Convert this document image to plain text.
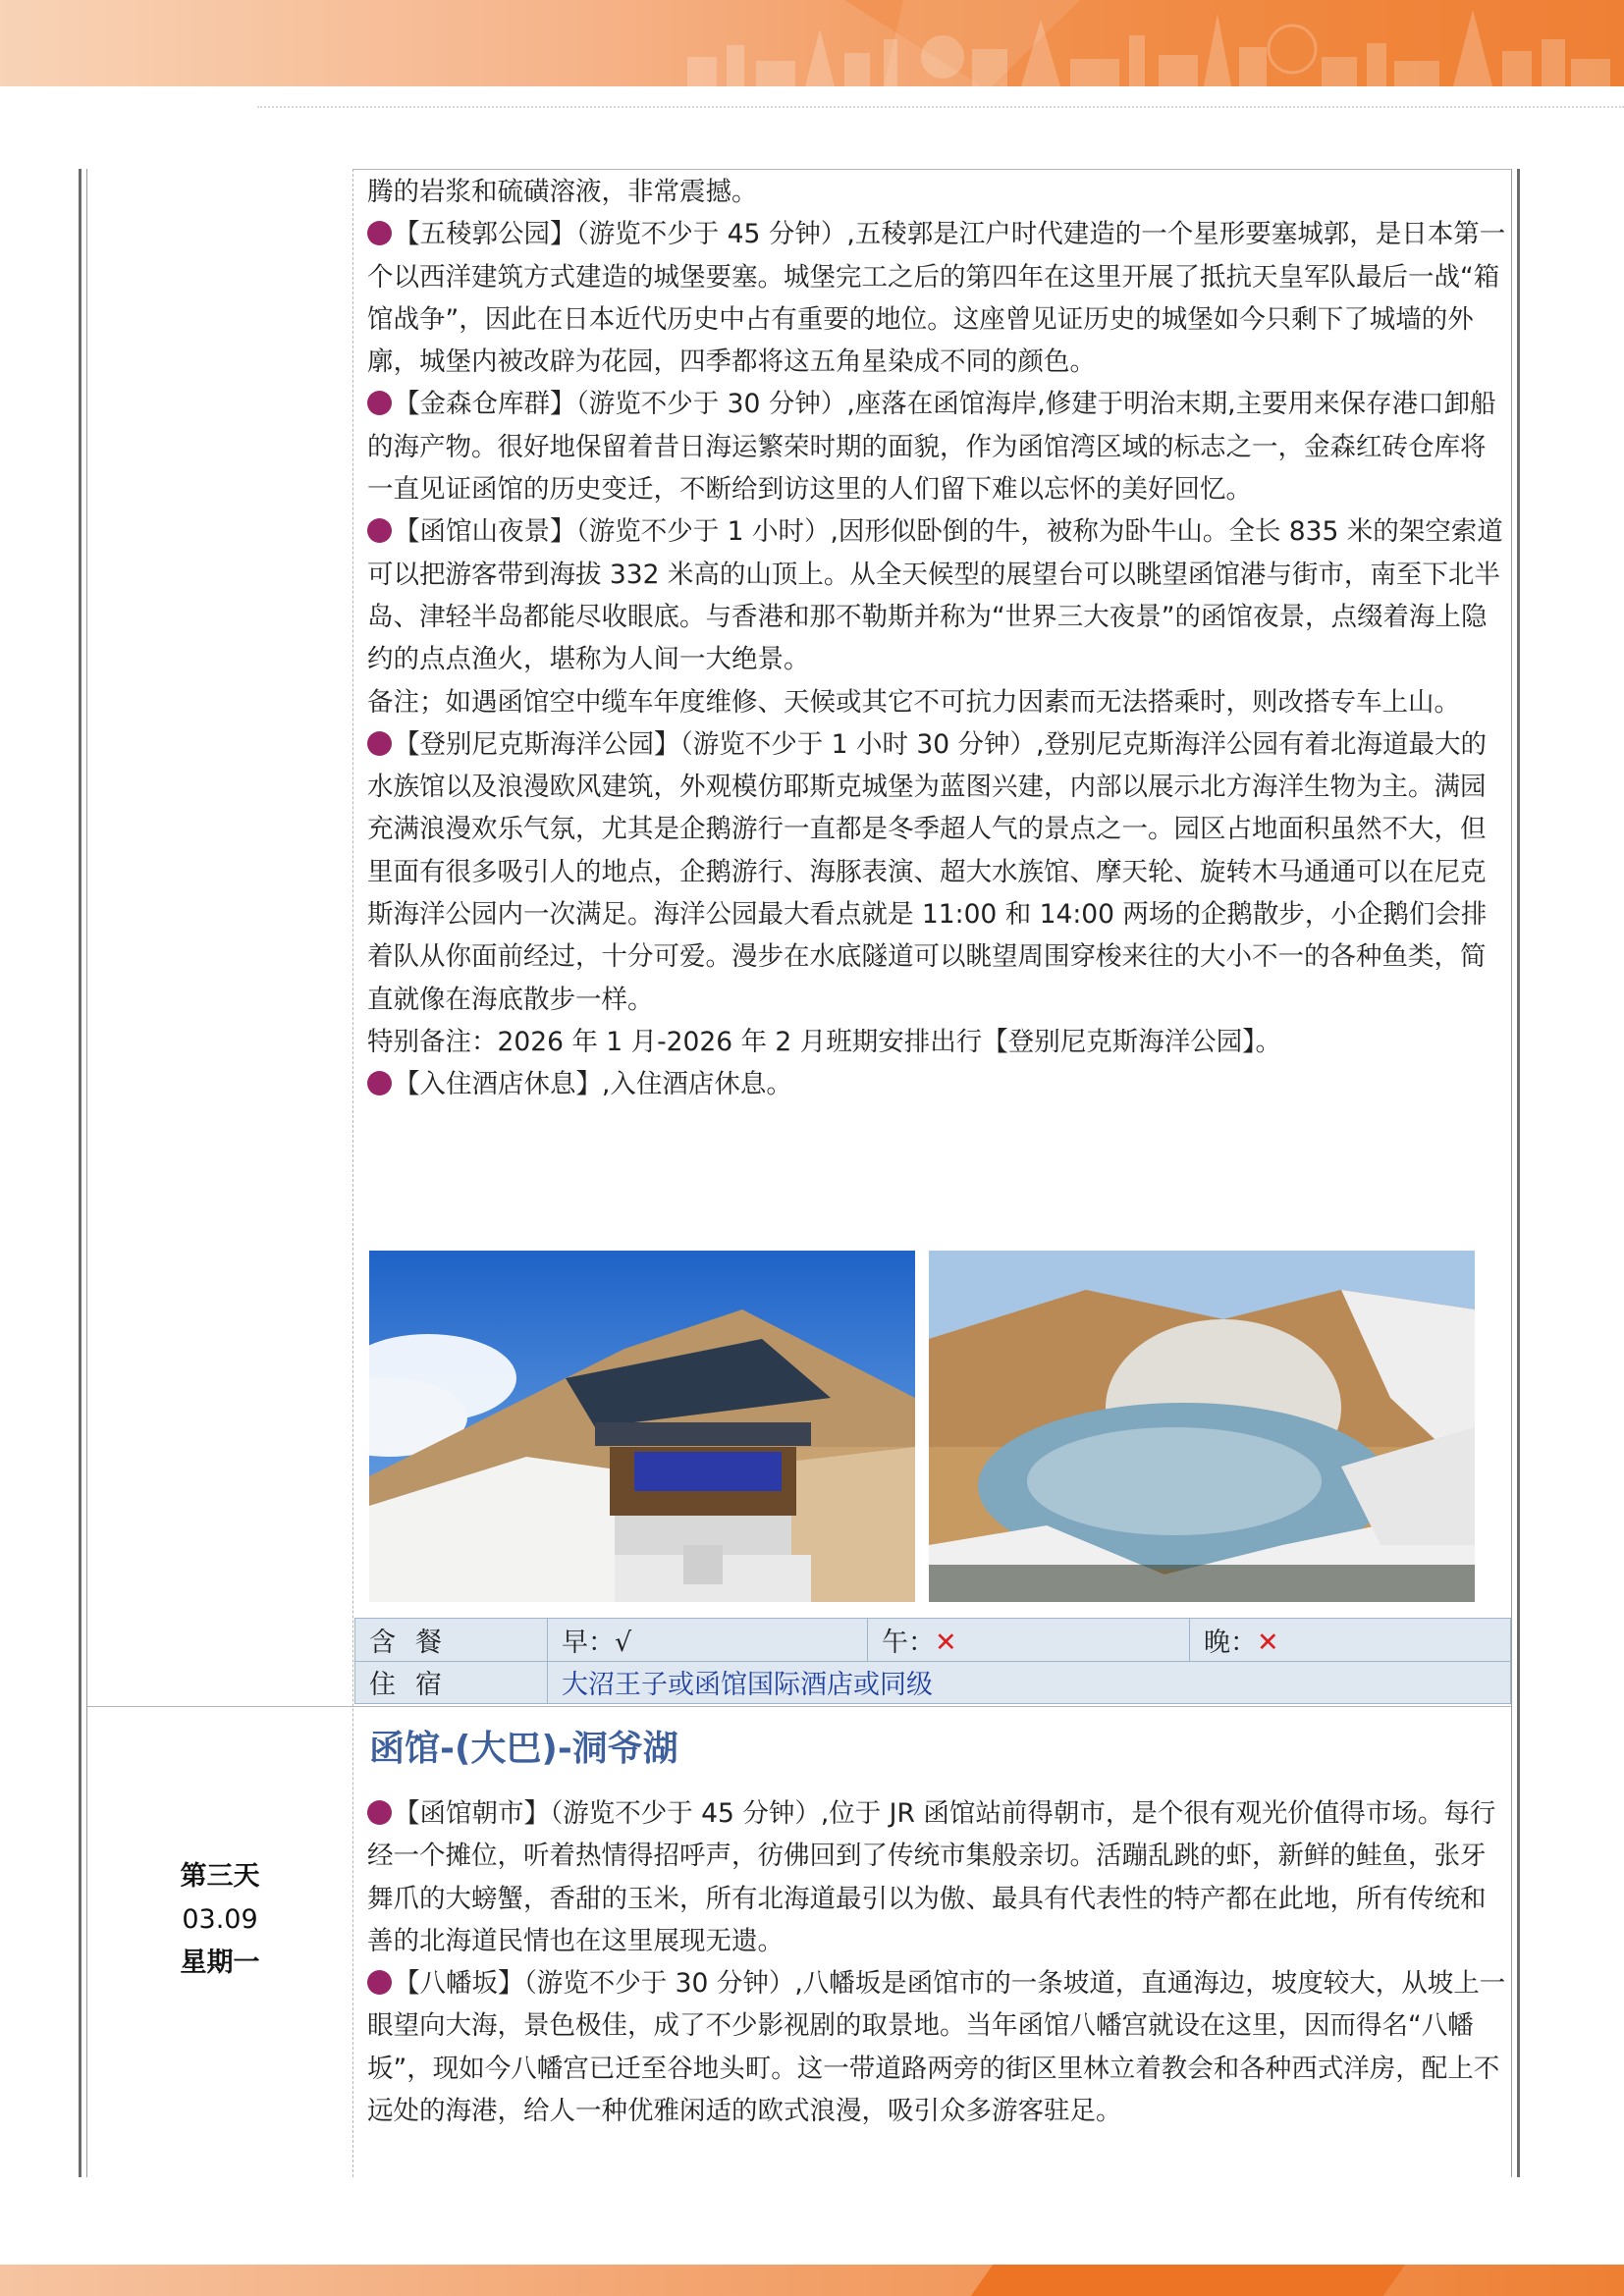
腾的岩浆和硫磺溶液，非常震撼。

【五稜郭公园】（游览不少于 45 分钟）,五稜郭是江户时代建造的一个星形要塞城郭，是日本第一个以西洋建筑方式建造的城堡要塞。城堡完工之后的第四年在这里开展了抵抗天皇军队最后一战“箱馆战争”，因此在日本近代历史中占有重要的地位。这座曾见证历史的城堡如今只剩下了城墙的外廓，城堡内被改辟为花园，四季都将这五角星染成不同的颜色。

【金森仓库群】（游览不少于 30 分钟）,座落在函馆海岸,修建于明治末期,主要用来保存港口卸船的海产物。很好地保留着昔日海运繁荣时期的面貌，作为函馆湾区域的标志之一，金森红砖仓库将一直见证函馆的历史变迁，不断给到访这里的人们留下难以忘怀的美好回忆。

【函馆山夜景】（游览不少于 1 小时）,因形似卧倒的牛，被称为卧牛山。全长 835 米的架空索道可以把游客带到海拔 332 米高的山顶上。从全天候型的展望台可以眺望函馆港与街市，南至下北半岛、津轻半岛都能尽收眼底。与香港和那不勒斯并称为“世界三大夜景”的函馆夜景，点缀着海上隐约的点点渔火，堪称为人间一大绝景。

备注；如遇函馆空中缆车年度维修、天候或其它不可抗力因素而无法搭乘时，则改搭专车上山。

【登别尼克斯海洋公园】（游览不少于 1 小时 30 分钟）,登别尼克斯海洋公园有着北海道最大的水族馆以及浪漫欧风建筑，外观模仿耶斯克城堡为蓝图兴建，内部以展示北方海洋生物为主。满园充满浪漫欢乐气氛，尤其是企鹅游行一直都是冬季超人气的景点之一。园区占地面积虽然不大，但里面有很多吸引人的地点，企鹅游行、海豚表演、超大水族馆、摩天轮、旋转木马通通可以在尼克斯海洋公园内一次满足。海洋公园最大看点就是 11:00 和 14:00 两场的企鹅散步，小企鹅们会排着队从你面前经过，十分可爱。漫步在水底隧道可以眺望周围穿梭来往的大小不一的各种鱼类，简直就像在海底散步一样。

特别备注：2026 年 1 月-2026 年 2 月班期安排出行【登别尼克斯海洋公园】。

【入住酒店休息】,入住酒店休息。

含餐	早：√	午：✕	晚：✕
住宿	大沼王子或函馆国际酒店或同级		
第三天
03.09
星期一
函馆-(大巴)-洞爷湖

【函馆朝市】（游览不少于 45 分钟）,位于 JR 函馆站前得朝市，是个很有观光价值得市场。每行经一个摊位，听着热情得招呼声，彷佛回到了传统市集般亲切。活蹦乱跳的虾，新鲜的鲑鱼，张牙舞爪的大螃蟹，香甜的玉米，所有北海道最引以为傲、最具有代表性的特产都在此地，所有传统和善的北海道民情也在这里展现无遗。

【八幡坂】（游览不少于 30 分钟）,八幡坂是函馆市的一条坡道，直通海边，坡度较大，从坡上一眼望向大海，景色极佳，成了不少影视剧的取景地。当年函馆八幡宫就设在这里，因而得名“八幡坂”，现如今八幡宫已迁至谷地头町。这一带道路两旁的街区里林立着教会和各种西式洋房，配上不远处的海港，给人一种优雅闲适的欧式浪漫，吸引众多游客驻足。
